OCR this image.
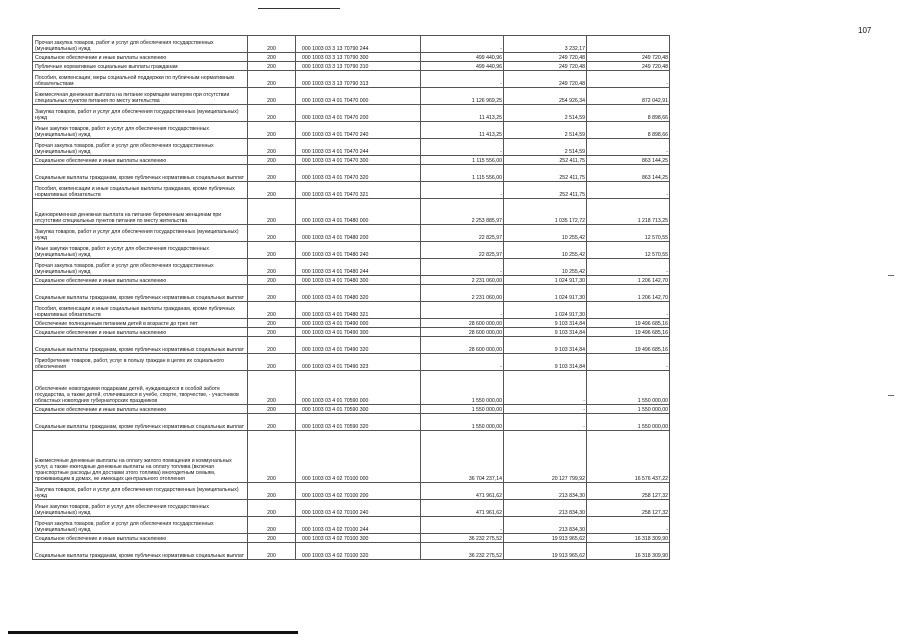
107
Прочая закупка товаров, работ и услуг для обеспечения государственных (муниципальных) нужд	200	000 1003 03 3 13 70790 244	-	3 232,17	
Социальное обеспечение и иные выплаты населению	200	000 1003 03 3 13 70790 300	499 440,96	249 720,48	249 720,48
Публичные нормативные социальные выплаты гражданам	200	000 1003 03 3 13 70790 310	499 440,96	249 720,48	249 720,48
Пособия, компенсации, меры социальной поддержки по публичным нормативным обязательствам	200	000 1003 03 3 13 70790 313	-	249 720,48	-
Ежемесячная денежная выплата на питание кормящим матерям при отсутствии специальных пунктов питания по месту жительства	200	000 1003 03 4 01 70470 000	1 126 969,25	254 926,34	872 042,91
Закупка товаров, работ и услуг для обеспечения государственных (муниципальных) нужд	200	000 1003 03 4 01 70470 200	11 413,25	2 514,59	8 898,66
Иные закупки товаров, работ и услуг для обеспечения государственных (муниципальных) нужд	200	000 1003 03 4 01 70470 240	11 413,25	2 514,59	8 898,66
Прочая закупка товаров, работ и услуг для обеспечения государственных (муниципальных) нужд	200	000 1003 03 4 01 70470 244	-	2 514,59	-
Социальное обеспечение и иные выплаты населению	200	000 1003 03 4 01 70470 300	1 115 556,00	252 411,75	863 144,25
Социальные выплаты гражданам, кроме публичных нормативных социальных выплат	200	000 1003 03 4 01 70470 320	1 115 556,00	252 411,75	863 144,25
Пособия, компенсации и иные социальные выплаты гражданам, кроме публичных нормативных обязательств	200	000 1003 03 4 01 70470 321	-	252 411,75	-
Единовременная денежная выплата на питание беременным женщинам при отсутствии специальных пунктов питания по месту жительства	200	000 1003 03 4 01 70480 000	2 253 885,97	1 035 172,72	1 218 713,25
Закупка товаров, работ и услуг для обеспечения государственных (муниципальных) нужд	200	000 1003 03 4 01 70480 200	22 825,97	10 255,42	12 570,55
Иные закупки товаров, работ и услуг для обеспечения государственных (муниципальных) нужд	200	000 1003 03 4 01 70480 240	22 825,97	10 255,42	12 570,55
Прочая закупка товаров, работ и услуг для обеспечения государственных (муниципальных) нужд	200	000 1003 03 4 01 70480 244	-	10 255,42	-
Социальное обеспечение и иные выплаты населению	200	000 1003 03 4 01 70480 300	2 231 060,00	1 024 917,30	1 206 142,70
Социальные выплаты гражданам, кроме публичных нормативных социальных выплат	200	000 1003 03 4 01 70480 320	2 231 060,00	1 024 917,30	1 206 142,70
Пособия, компенсации и иные социальные выплаты гражданам, кроме публичных нормативных обязательств	200	000 1003 03 4 01 70480 321	-	1 024 917,30	-
Обеспечение полноценным питанием детей в возрасте до трех лет	200	000 1003 03 4 01 70490 000	28 600 000,00	9 103 314,84	19 496 685,16
Социальное обеспечение и иные выплаты населению	200	000 1003 03 4 01 70490 300	28 600 000,00	9 103 314,84	19 496 685,16
Социальные выплаты гражданам, кроме публичных нормативных социальных выплат	200	000 1003 03 4 01 70490 320	28 600 000,00	9 103 314,84	19 496 685,16
Приобретение товаров, работ, услуг в пользу граждан в целях их социального обеспечения	200	000 1003 03 4 01 70490 323	-	9 103 314,84	-
Обеспечение новогодними подарками детей, нуждающихся в особой заботе государства, а также детей, отличившихся в учебе, спорте, творчестве, - участников областных новогодних губернаторских праздников	200	000 1003 03 4 01 70590 000	1 550 000,00	-	1 550 000,00
Социальное обеспечение и иные выплаты населению	200	000 1003 03 4 01 70590 300	1 550 000,00	-	1 550 000,00
Социальные выплаты гражданам, кроме публичных нормативных социальных выплат	200	000 1003 03 4 01 70590 320	1 550 000,00	-	1 550 000,00
Ежемесячные денежные выплаты на оплату жилого помещения и коммунальных услуг, а также ежегодные денежные выплаты на оплату топлива (включая транспортные расходы для доставки этого топлива) многодетным семьям, проживающим в домах, не имеющих центрального отопления	200	000 1003 03 4 02 70100 000	36 704 237,14	20 127 799,92	16 576 437,22
Закупка товаров, работ и услуг для обеспечения государственных (муниципальных) нужд	200	000 1003 03 4 02 70100 200	471 961,62	213 834,30	258 127,32
Иные закупки товаров, работ и услуг для обеспечения государственных (муниципальных) нужд	200	000 1003 03 4 02 70100 240	471 961,62	213 834,30	258 127,32
Прочая закупка товаров, работ и услуг для обеспечения государственных (муниципальных) нужд	200	000 1003 03 4 02 70100 244	-	213 834,30	-
Социальное обеспечение и иные выплаты населению	200	000 1003 03 4 02 70100 300	36 232 275,52	19 913 965,62	16 318 309,90
Социальные выплаты гражданам, кроме публичных нормативных социальных выплат	200	000 1003 03 4 02 70100 320	36 232 275,52	19 913 965,62	16 318 309,90
